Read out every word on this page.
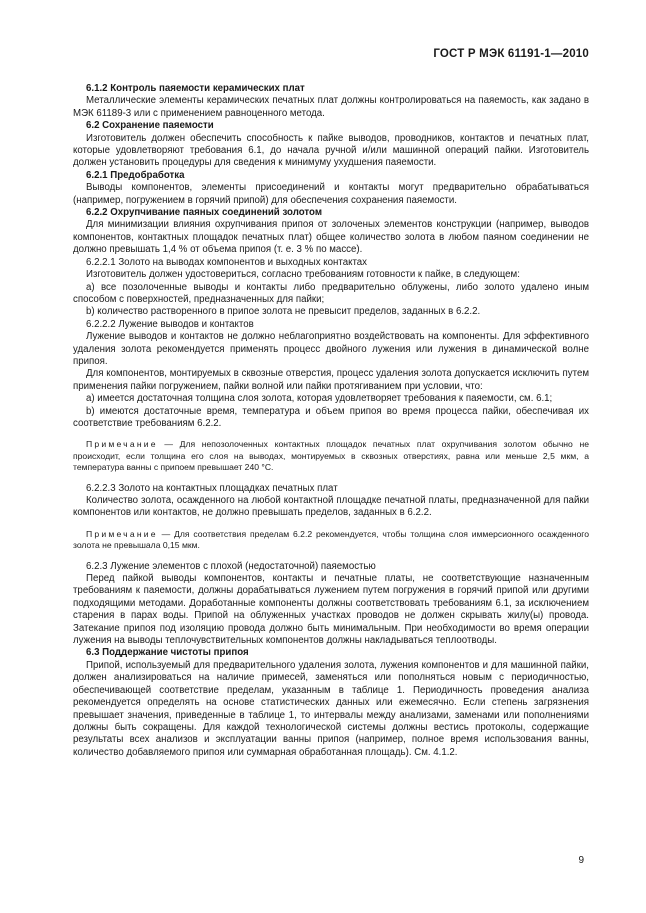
ГОСТ Р МЭК 61191-1—2010

6.1.2 Контроль паяемости керамических плат

Металлические элементы керамических печатных плат должны контролироваться на паяемость, как задано в МЭК 61189-3 или с применением равноценного метода.

6.2 Сохранение паяемости

Изготовитель должен обеспечить способность к пайке выводов, проводников, контактов и печатных плат, которые удовлетворяют требования 6.1, до начала ручной и/или машинной операций пайки. Изготовитель должен установить процедуры для сведения к минимуму ухудшения паяемости.

6.2.1 Предобработка

Выводы компонентов, элементы присоединений и контакты могут предварительно обрабатываться (например, погружением в горячий припой) для обеспечения сохранения паяемости.

6.2.2 Охрупчивание паяных соединений золотом

Для минимизации влияния охрупчивания припоя от золоченых элементов конструкции (например, выводов компонентов, контактных площадок печатных плат) общее количество золота в любом паяном соединении не должно превышать 1,4 % от объема припоя (т. е. 3 % по массе).

6.2.2.1 Золото на выводах компонентов и выходных контактах

Изготовитель должен удостовериться, согласно требованиям готовности к пайке, в следующем:

а) все позолоченные выводы и контакты либо предварительно облужены, либо золото удалено иным способом с поверхностей, предназначенных для пайки;

b) количество растворенного в припое золота не превысит пределов, заданных в 6.2.2.

6.2.2.2 Лужение выводов и контактов

Лужение выводов и контактов не должно неблагоприятно воздействовать на компоненты. Для эффективного удаления золота рекомендуется применять процесс двойного лужения или лужения в динамической волне припоя.

Для компонентов, монтируемых в сквозные отверстия, процесс удаления золота допускается исключить путем применения пайки погружением, пайки волной или пайки протягиванием при условии, что:

а) имеется достаточная толщина слоя золота, которая удовлетворяет требования к паяемости, см. 6.1;

b) имеются достаточные время, температура и объем припоя во время процесса пайки, обеспечивая их соответствие требованиям 6.2.2.

Примечание — Для непозолоченных контактных площадок печатных плат охрупчивания золотом обычно не происходит, если толщина его слоя на выводах, монтируемых в сквозных отверстиях, равна или меньше 2,5 мкм, а температура ванны с припоем превышает 240 °С.

6.2.2.3 Золото на контактных площадках печатных плат

Количество золота, осажденного на любой контактной площадке печатной платы, предназначенной для пайки компонентов или контактов, не должно превышать пределов, заданных в 6.2.2.

Примечание — Для соответствия пределам 6.2.2 рекомендуется, чтобы толщина слоя иммерсионного осажденного золота не превышала 0,15 мкм.

6.2.3 Лужение элементов с плохой (недостаточной) паяемостью

Перед пайкой выводы компонентов, контакты и печатные платы, не соответствующие назначенным требованиям к паяемости, должны дорабатываться лужением путем погружения в горячий припой или другими подходящими методами. Доработанные компоненты должны соответствовать требованиям 6.1, за исключением старения в парах воды. Припой на облуженных участках проводов не должен скрывать жилу(ы) провода. Затекание припоя под изоляцию провода должно быть минимальным. При необходимости во время операции лужения на выводы теплочувствительных компонентов должны накладываться теплоотводы.

6.3 Поддержание чистоты припоя

Припой, используемый для предварительного удаления золота, лужения компонентов и для машинной пайки, должен анализироваться на наличие примесей, заменяться или пополняться новым с периодичностью, обеспечивающей соответствие пределам, указанным в таблице 1. Периодичность проведения анализа рекомендуется определять на основе статистических данных или ежемесячно. Если степень загрязнения превышает значения, приведенные в таблице 1, то интервалы между анализами, заменами или пополнениями должны быть сокращены. Для каждой технологической системы должны вестись протоколы, содержащие результаты всех анализов и эксплуатации ванны припоя (например, полное время использования ванны, количество добавляемого припоя или суммарная обработанная площадь). См. 4.1.2.

9
